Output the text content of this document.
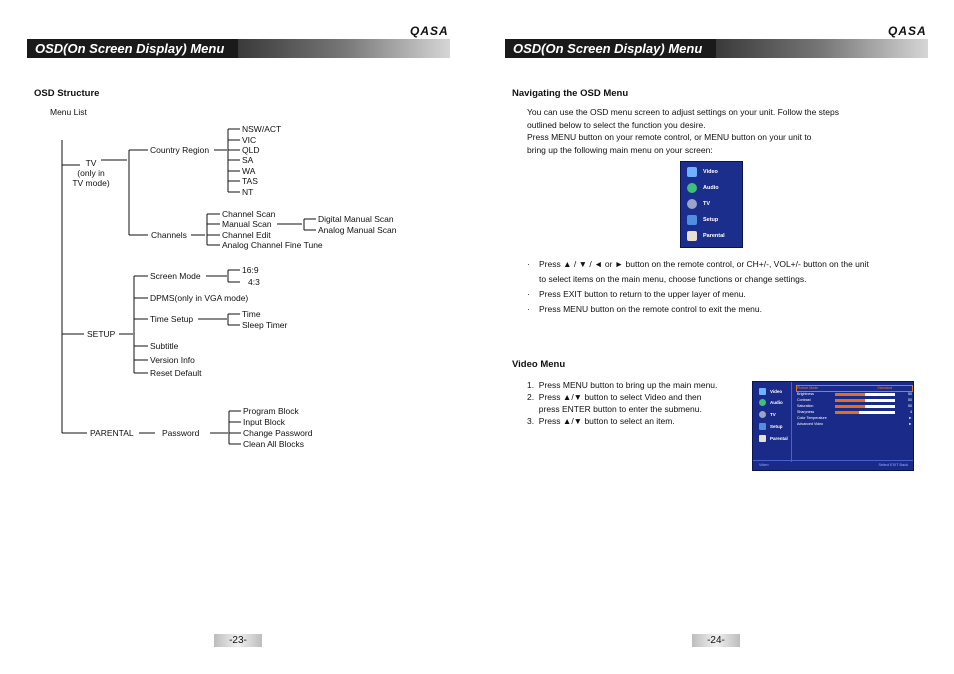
QASA
OSD(On Screen Display) Menu
OSD Structure
Menu List
TV
(only in
TV mode)
Country Region
NSW/ACT
VIC
QLD
SA
WA
TAS
NT
Channels
Channel Scan
Manual Scan
Channel Edit
Analog Channel Fine Tune
Digital Manual Scan
Analog Manual Scan
SETUP
Screen Mode
16:9
4:3
DPMS(only in VGA mode)
Time Setup	Time
Sleep Timer
Subtitle
Version Info
Reset Default
PARENTAL	Password
Program Block
Input Block
Change Password
Clean All Blocks
-23-
QASA
OSD(On Screen Display) Menu
Navigating the OSD Menu
You can use the OSD menu screen to adjust settings on your unit. Follow the steps
outlined below to select the function you desire.
Press MENU button on your remote control, or MENU button on your unit to
bring up the following main menu on your screen:
Video
Audio
TV
Setup
Parental
· Press ▲ / ▼ / ◄ or ► button on the remote control, or CH+/-, VOL+/- button on the unit
to select items on the main menu, choose functions or change settings.
· Press EXIT button to return to the upper layer of menu.
· Press MENU button on the remote control to exit the menu.
Video Menu
1.  Press MENU button to bring up the main menu.
2.  Press ▲/▼ button to select Video and then
press ENTER button to enter the submenu.
3.  Press ▲/▼ button to select an item.
Video
Audio
TV
Setup
Parental
Picture Mode	Standard
Brightness	50
Contrast	50
Saturation	50
Sharpness	4
Color Temperature	►
Advanced Video	►
Video	Select EXIT Back
-24-
